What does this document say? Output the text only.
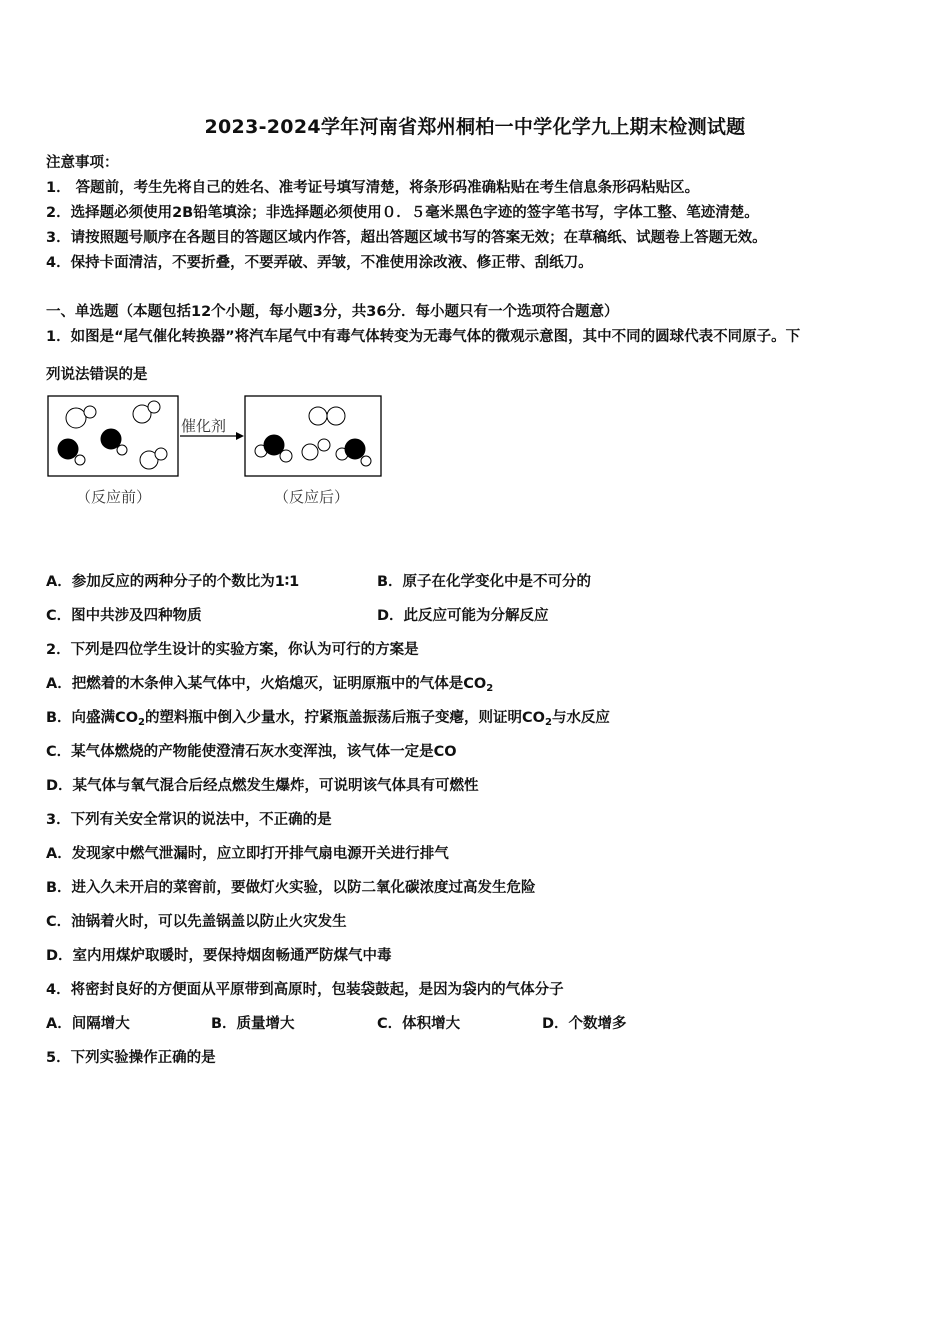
2023-2024学年河南省郑州桐柏一中学化学九上期末检测试题
注意事项：
1． 答题前，考生先将自己的姓名、准考证号填写清楚，将条形码准确粘贴在考生信息条形码粘贴区。
2．选择题必须使用2B铅笔填涂；非选择题必须使用０．５毫米黑色字迹的签字笔书写，字体工整、笔迹清楚。
3．请按照题号顺序在各题目的答题区域内作答，超出答题区域书写的答案无效；在草稿纸、试题卷上答题无效。
4．保持卡面清洁，不要折叠，不要弄破、弄皱，不准使用涂改液、修正带、刮纸刀。
一、单选题（本题包括12个小题，每小题3分，共36分．每小题只有一个选项符合题意）
1．如图是“尾气催化转换器”将汽车尾气中有毒气体转变为无毒气体的微观示意图，其中不同的圆球代表不同原子。下
列说法错误的是
催化剂
（反应前）	（反应后）
A．参加反应的两种分子的个数比为1∶1	B．原子在化学变化中是不可分的
C．图中共涉及四种物质	D．此反应可能为分解反应
2．下列是四位学生设计的实验方案，你认为可行的方案是
A．把燃着的木条伸入某气体中，火焰熄灭，证明原瓶中的气体是$CO_2$
B．向盛满$CO_2$的塑料瓶中倒入少量水，拧紧瓶盖振荡后瓶子变瘪，则证明$CO_2$与水反应
C．某气体燃烧的产物能使澄清石灰水变浑浊，该气体一定是CO
D．某气体与氧气混合后经点燃发生爆炸，可说明该气体具有可燃性
3．下列有关安全常识的说法中，不正确的是
A．发现家中燃气泄漏时，应立即打开排气扇电源开关进行排气
B．进入久未开启的菜窖前，要做灯火实验，以防二氧化碳浓度过高发生危险
C．油锅着火时，可以先盖锅盖以防止火灾发生
D．室内用煤炉取暖时，要保持烟囱畅通严防煤气中毒
4．将密封良好的方便面从平原带到高原时，包装袋鼓起，是因为袋内的气体分子
A．间隔增大	B．质量增大	C．体积增大	D．个数增多
5．下列实验操作正确的是
